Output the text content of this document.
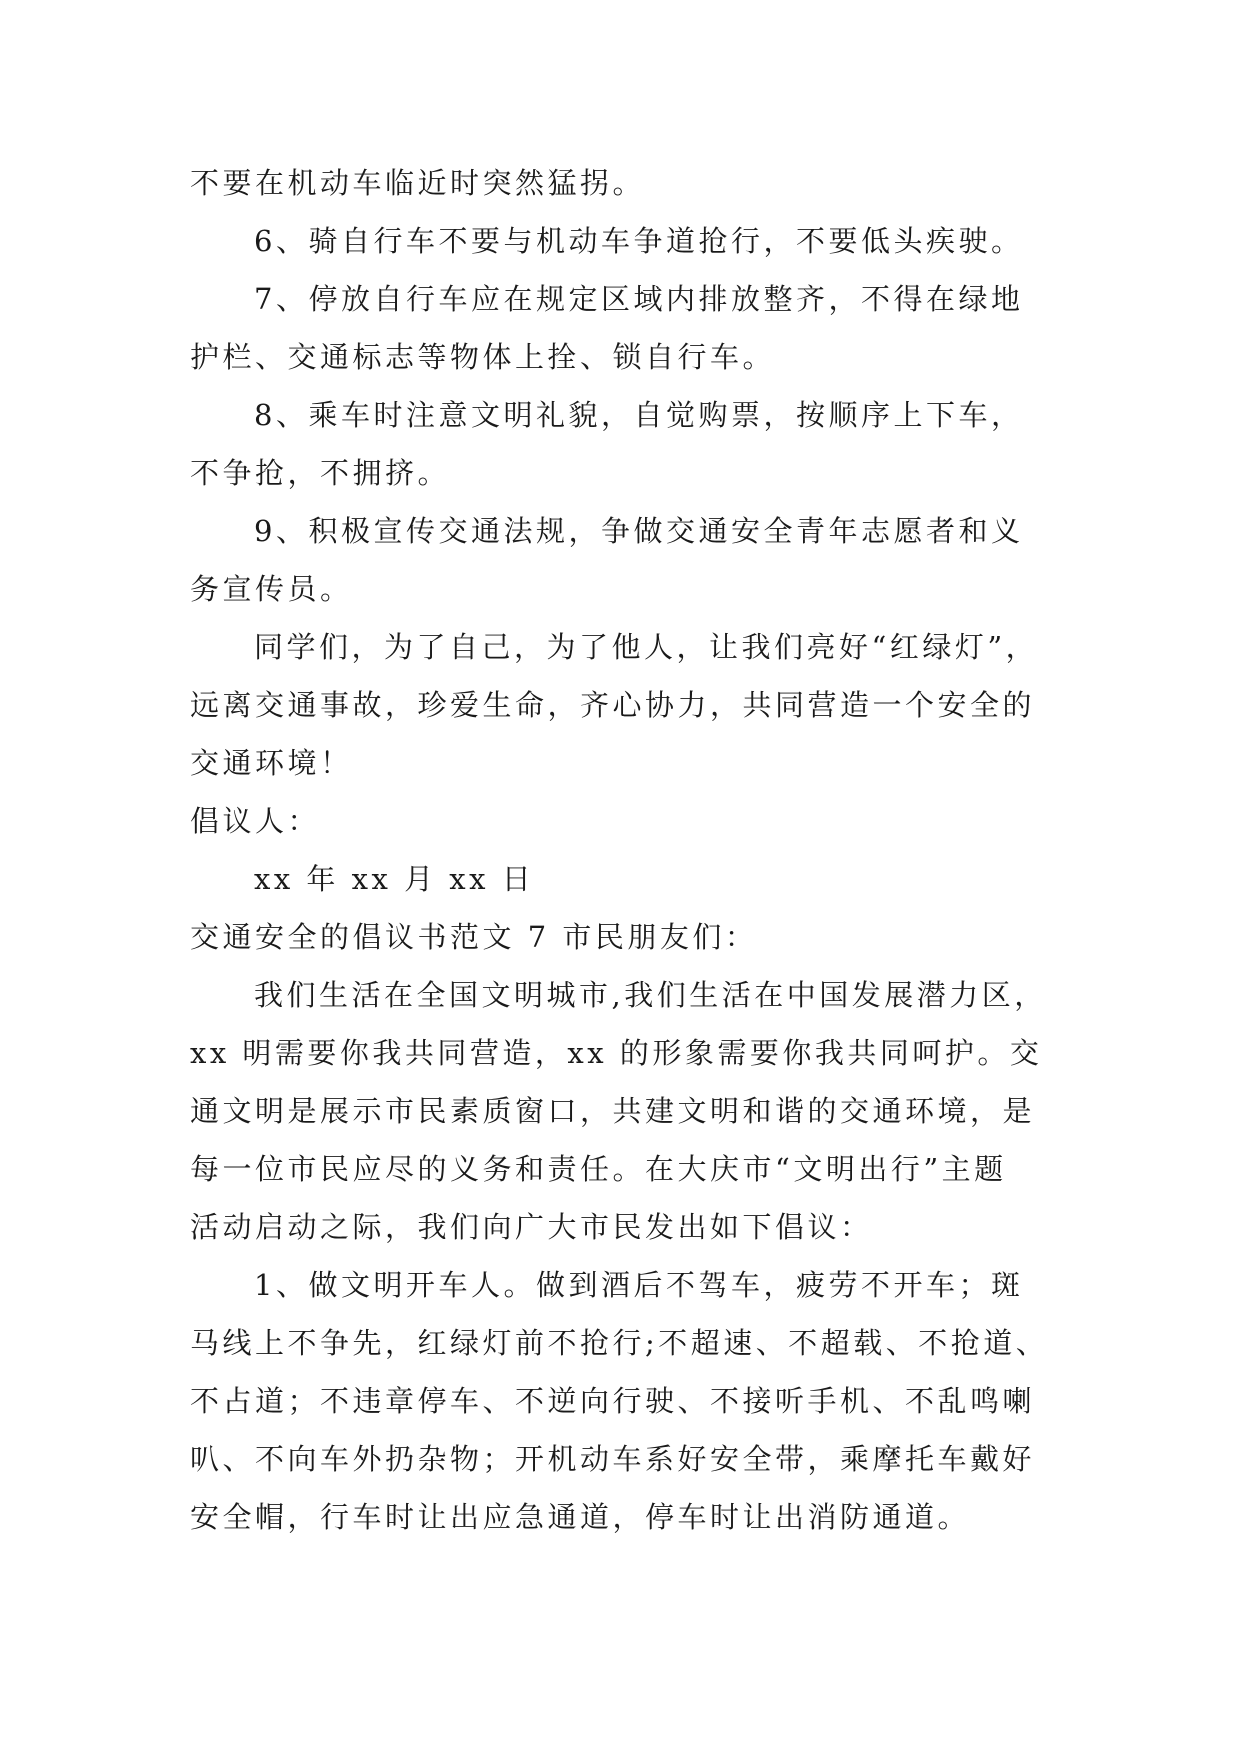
不要在机动车临近时突然猛拐。
6、骑自行车不要与机动车争道抢行，不要低头疾驶。
7、停放自行车应在规定区域内排放整齐，不得在绿地
护栏、交通标志等物体上拴、锁自行车。
8、乘车时注意文明礼貌，自觉购票，按顺序上下车，
不争抢，不拥挤。
9、积极宣传交通法规，争做交通安全青年志愿者和义
务宣传员。
同学们，为了自己，为了他人，让我们亮好“红绿灯”，
远离交通事故，珍爱生命，齐心协力，共同营造一个安全的
交通环境！
倡议人：
xx 年 xx 月 xx 日
交通安全的倡议书范文 7 市民朋友们：
我们生活在全国文明城市,我们生活在中国发展潜力区，
xx 明需要你我共同营造，xx 的形象需要你我共同呵护。交
通文明是展示市民素质窗口，共建文明和谐的交通环境，是
每一位市民应尽的义务和责任。在大庆市“文明出行”主题
活动启动之际，我们向广大市民发出如下倡议：
1、做文明开车人。做到酒后不驾车，疲劳不开车；斑
马线上不争先，红绿灯前不抢行;不超速、不超载、不抢道、
不占道；不违章停车、不逆向行驶、不接听手机、不乱鸣喇
叭、不向车外扔杂物；开机动车系好安全带，乘摩托车戴好
安全帽，行车时让出应急通道，停车时让出消防通道。
